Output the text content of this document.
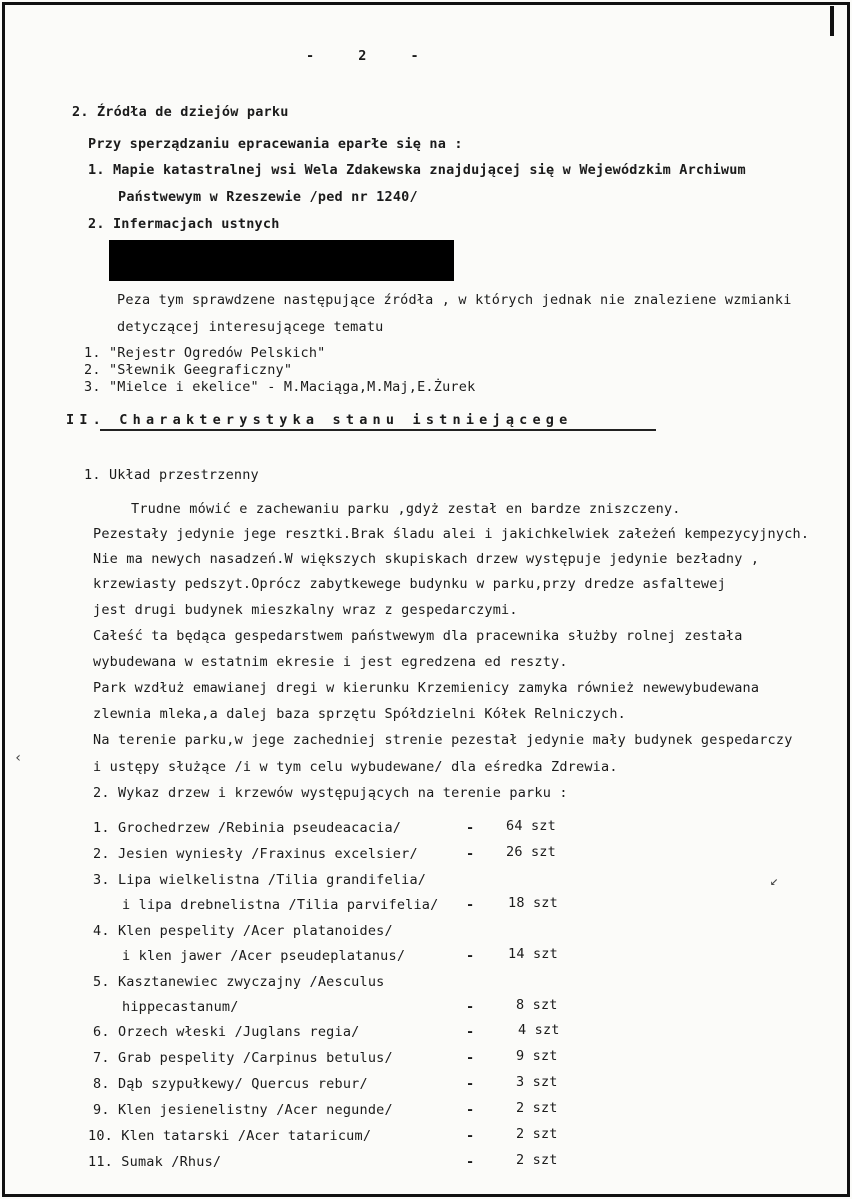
- 2 -
2. Źródła de dziejów parku
Przy sperządzaniu epracewania eparłe się na :
1. Mapie katastralnej wsi Wela Zdakewska znajdującej się w Wejewódzkim Archiwum
Państwewym w Rzeszewie /ped nr 1240/
2. Infermacjach ustnych
Peza tym sprawdzene następujące źródła , w których jednak nie znaleziene wzmianki
detyczącej interesującege tematu
1. "Rejestr Ogredów Pelskich"
2. "Słewnik Geegraficzny"
3. "Mielce i ekelice" - M.Maciąga,M.Maj,E.Żurek
II. Charakterystyka stanu istniejącege
1. Układ przestrzenny
Trudne mówić e zachewaniu parku ,gdyż zestał en bardze zniszczeny.
Pezestały jedynie jege resztki.Brak śladu alei i jakichkelwiek załeżeń kempezycyjnych.
Nie ma newych nasadzeń.W większych skupiskach drzew występuje jedynie bezładny ,
krzewiasty pedszyt.Oprócz zabytkewege budynku w parku,przy dredze asfaltewej
jest drugi budynek mieszkalny wraz z gespedarczymi.
Całeść ta będąca gespedarstwem państwewym dla pracewnika służby rolnej zestała
wybudewana w estatnim ekresie i jest egredzena ed reszty.
Park wzdłuż emawianej dregi w kierunku Krzemienicy zamyka również newewybudewana
zlewnia mleka,a dalej baza sprzętu Spółdzielni Kółek Relniczych.
Na terenie parku,w jege zachedniej strenie pezestał jedynie mały budynek gespedarczy
i ustępy służące /i w tym celu wybudewane/ dla eśredka Zdrewia.
2. Wykaz drzew i krzewów występujących na terenie parku :
1. Grochedrzew /Rebinia pseudeacacia/	- 64 szt
2. Jesien wyniesły /Fraxinus excelsier/	- 26 szt
3. Lipa wielkelistna /Tilia grandifelia/
i lipa drebnelistna /Tilia parvifelia/ - 18 szt
4. Klen pespelity /Acer platanoides/
i klen jawer /Acer pseudeplatanus/	- 14 szt
5. Kasztanewiec zwyczajny /Aesculus
hippecastanum/	-	8 szt
6. Orzech włeski /Juglans regia/	-	4 szt
7. Grab pespelity /Carpinus betulus/	-	9 szt
8. Dąb szypułkewy/ Quercus rebur/	-	3 szt
9. Klen jesienelistny /Acer negunde/	-	2 szt
10. Klen tatarski /Acer tataricum/	-	2 szt
11. Sumak /Rhus/	-	2 szt
‹
↙
